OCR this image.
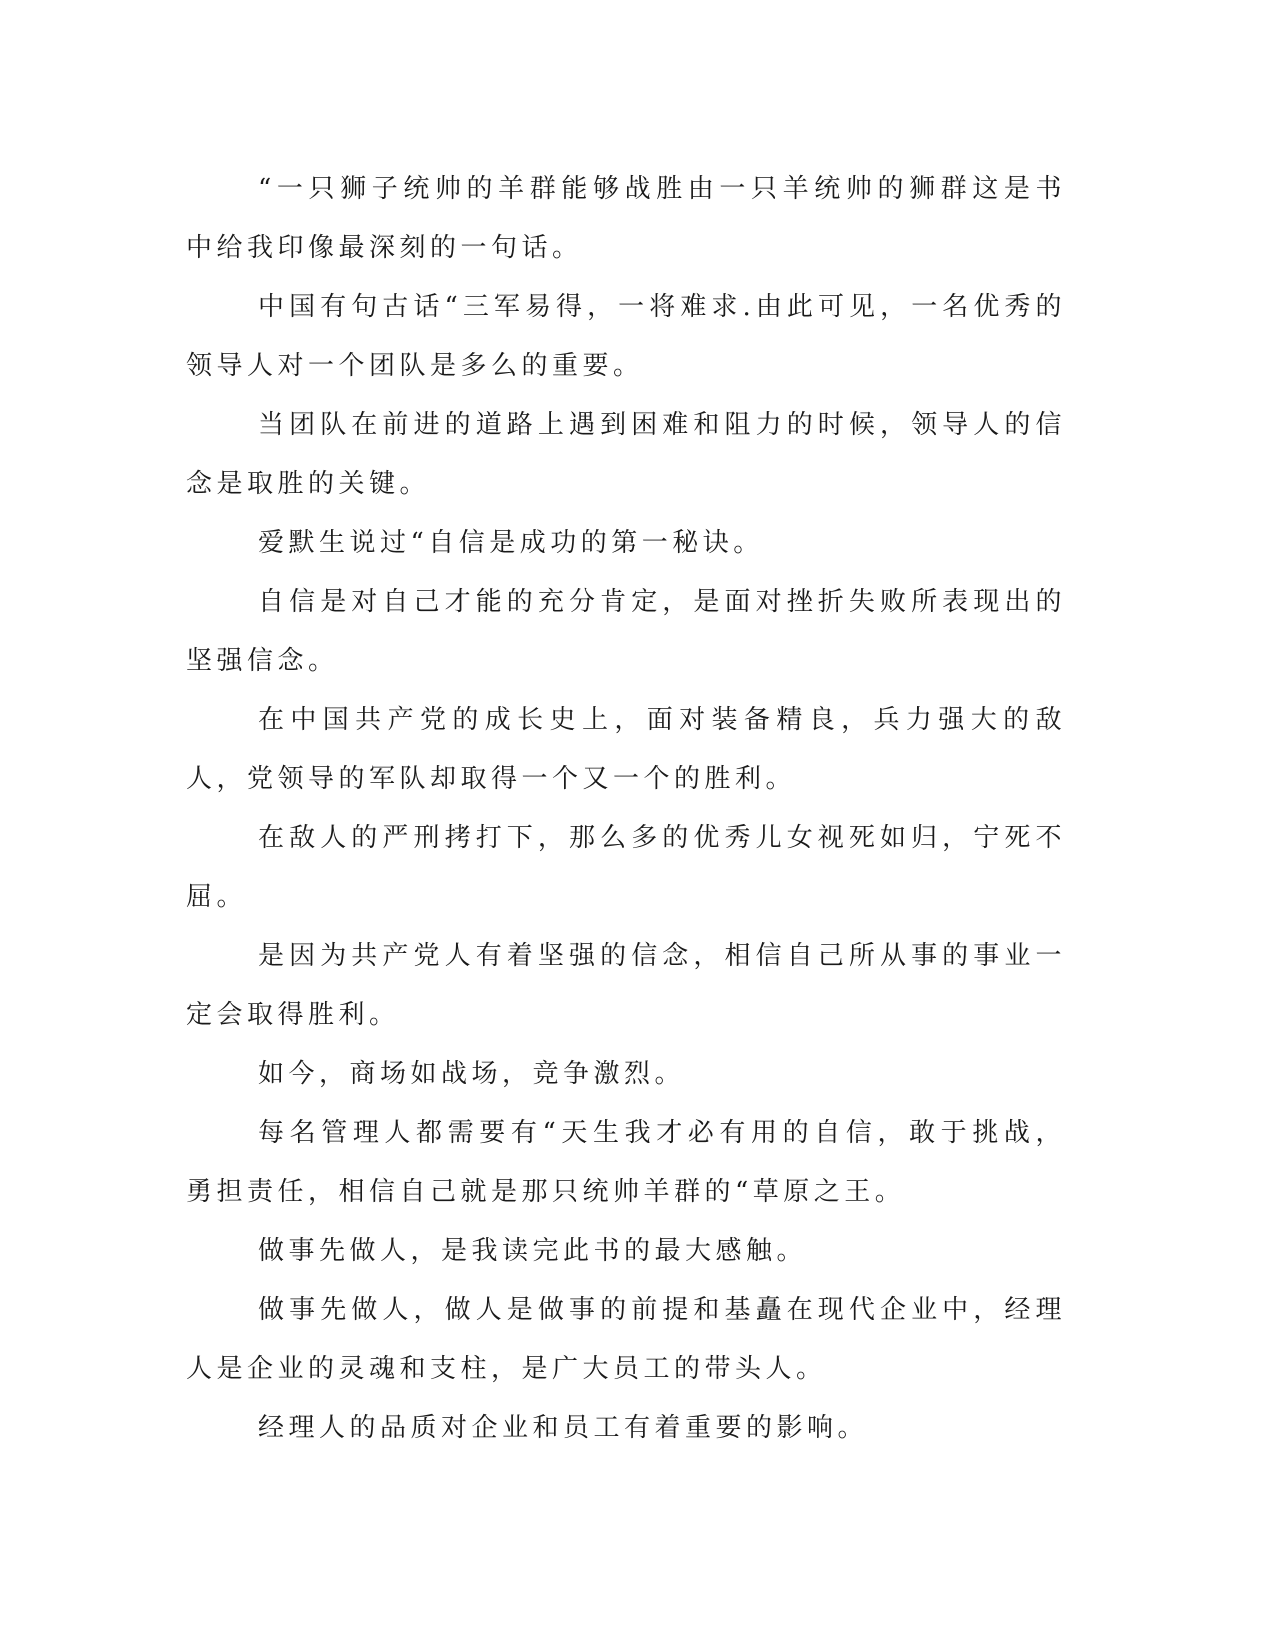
“一只狮子统帅的羊群能够战胜由一只羊统帅的狮群这是书中给我印像最深刻的一句话。

中国有句古话“三军易得，一将难求.由此可见，一名优秀的领导人对一个团队是多么的重要。

当团队在前进的道路上遇到困难和阻力的时候，领导人的信念是取胜的关键。

爱默生说过“自信是成功的第一秘诀。

自信是对自己才能的充分肯定，是面对挫折失败所表现出的坚强信念。

在中国共产党的成长史上，面对装备精良，兵力强大的敌人，党领导的军队却取得一个又一个的胜利。

在敌人的严刑拷打下，那么多的优秀儿女视死如归，宁死不屈。

是因为共产党人有着坚强的信念，相信自己所从事的事业一定会取得胜利。

如今，商场如战场，竞争激烈。

每名管理人都需要有“天生我才必有用的自信，敢于挑战，勇担责任，相信自己就是那只统帅羊群的“草原之王。

做事先做人，是我读完此书的最大感触。

做事先做人，做人是做事的前提和基矗在现代企业中，经理人是企业的灵魂和支柱，是广大员工的带头人。

经理人的品质对企业和员工有着重要的影响。
